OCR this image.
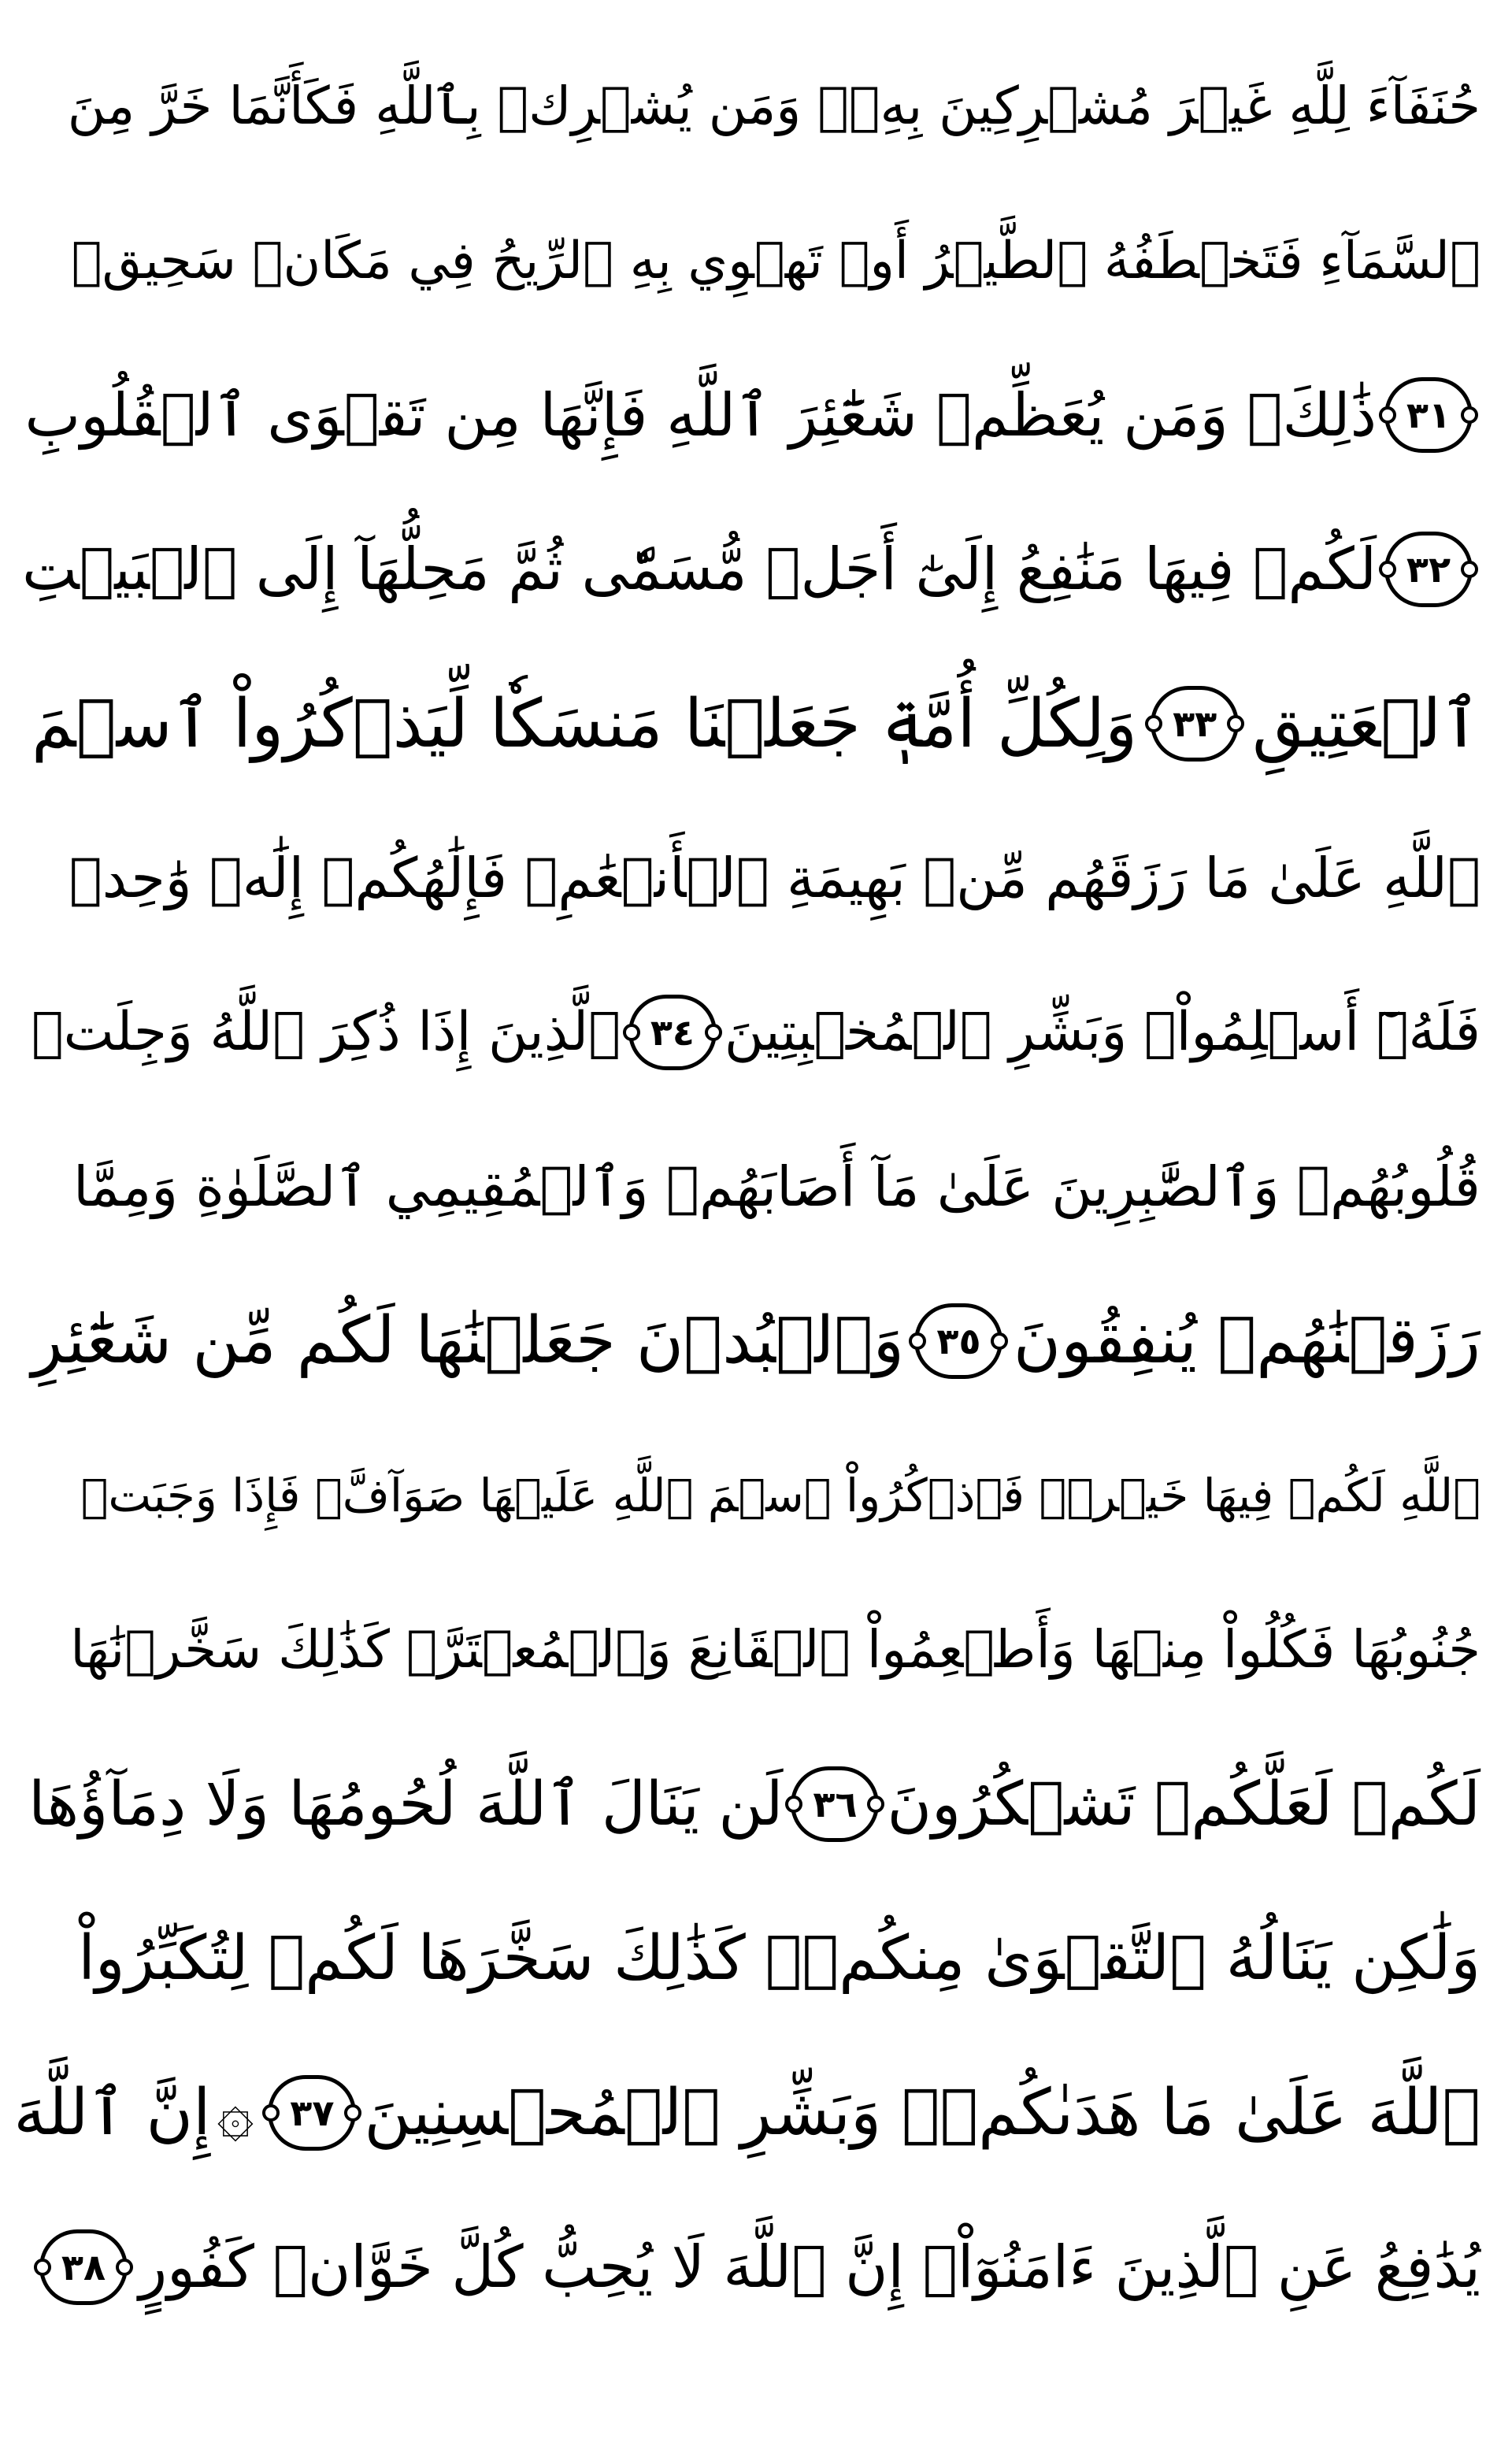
حُنَفَآءَ لِلَّهِ غَيۡرَ مُشۡرِكِينَ بِهِۦۚ وَمَن يُشۡرِكۡ بِٱللَّهِ فَكَأَنَّمَا خَرَّ مِنَ
ٱلسَّمَآءِ فَتَخۡطَفُهُ ٱلطَّيۡرُ أَوۡ تَهۡوِي بِهِ ٱلرِّيحُ فِي مَكَانٖ سَحِيقٖ
٣١
ذَٰلِكَۖ وَمَن يُعَظِّمۡ شَعَٰٓئِرَ ٱللَّهِ فَإِنَّهَا مِن تَقۡوَى ٱلۡقُلُوبِ
٣٢
لَكُمۡ فِيهَا مَنَٰفِعُ إِلَىٰٓ أَجَلٖ مُّسَمّٗى ثُمَّ مَحِلُّهَآ إِلَى ٱلۡبَيۡتِ
ٱلۡعَتِيقِ
٣٣
وَلِكُلِّ أُمَّةٖ جَعَلۡنَا مَنسَكٗا لِّيَذۡكُرُواْ ٱسۡمَ
ٱللَّهِ عَلَىٰ مَا رَزَقَهُم مِّنۢ بَهِيمَةِ ٱلۡأَنۡعَٰمِۗ فَإِلَٰهُكُمۡ إِلَٰهٞ وَٰحِدٞ
فَلَهُۥٓ أَسۡلِمُواْۗ وَبَشِّرِ ٱلۡمُخۡبِتِينَ
٣٤
ٱلَّذِينَ إِذَا ذُكِرَ ٱللَّهُ وَجِلَتۡ
قُلُوبُهُمۡ وَٱلصَّٰبِرِينَ عَلَىٰ مَآ أَصَابَهُمۡ وَٱلۡمُقِيمِي ٱلصَّلَوٰةِ وَمِمَّا
رَزَقۡنَٰهُمۡ يُنفِقُونَ
٣٥
وَٱلۡبُدۡنَ جَعَلۡنَٰهَا لَكُم مِّن شَعَٰٓئِرِ
ٱللَّهِ لَكُمۡ فِيهَا خَيۡرٞۖ فَٱذۡكُرُواْ ٱسۡمَ ٱللَّهِ عَلَيۡهَا صَوَآفَّۖ فَإِذَا وَجَبَتۡ
جُنُوبُهَا فَكُلُواْ مِنۡهَا وَأَطۡعِمُواْ ٱلۡقَانِعَ وَٱلۡمُعۡتَرَّۚ كَذَٰلِكَ سَخَّرۡنَٰهَا
لَكُمۡ لَعَلَّكُمۡ تَشۡكُرُونَ
٣٦
لَن يَنَالَ ٱللَّهَ لُحُومُهَا وَلَا دِمَآؤُهَا
وَلَٰكِن يَنَالُهُ ٱلتَّقۡوَىٰ مِنكُمۡۚ كَذَٰلِكَ سَخَّرَهَا لَكُمۡ لِتُكَبِّرُواْ
ٱللَّهَ عَلَىٰ مَا هَدَىٰكُمۡۗ وَبَشِّرِ ٱلۡمُحۡسِنِينَ
٣٧
۞
إِنَّ ٱللَّهَ
يُدَٰفِعُ عَنِ ٱلَّذِينَ ءَامَنُوٓاْۗ إِنَّ ٱللَّهَ لَا يُحِبُّ كُلَّ خَوَّانٖ كَفُورٍ
٣٨
